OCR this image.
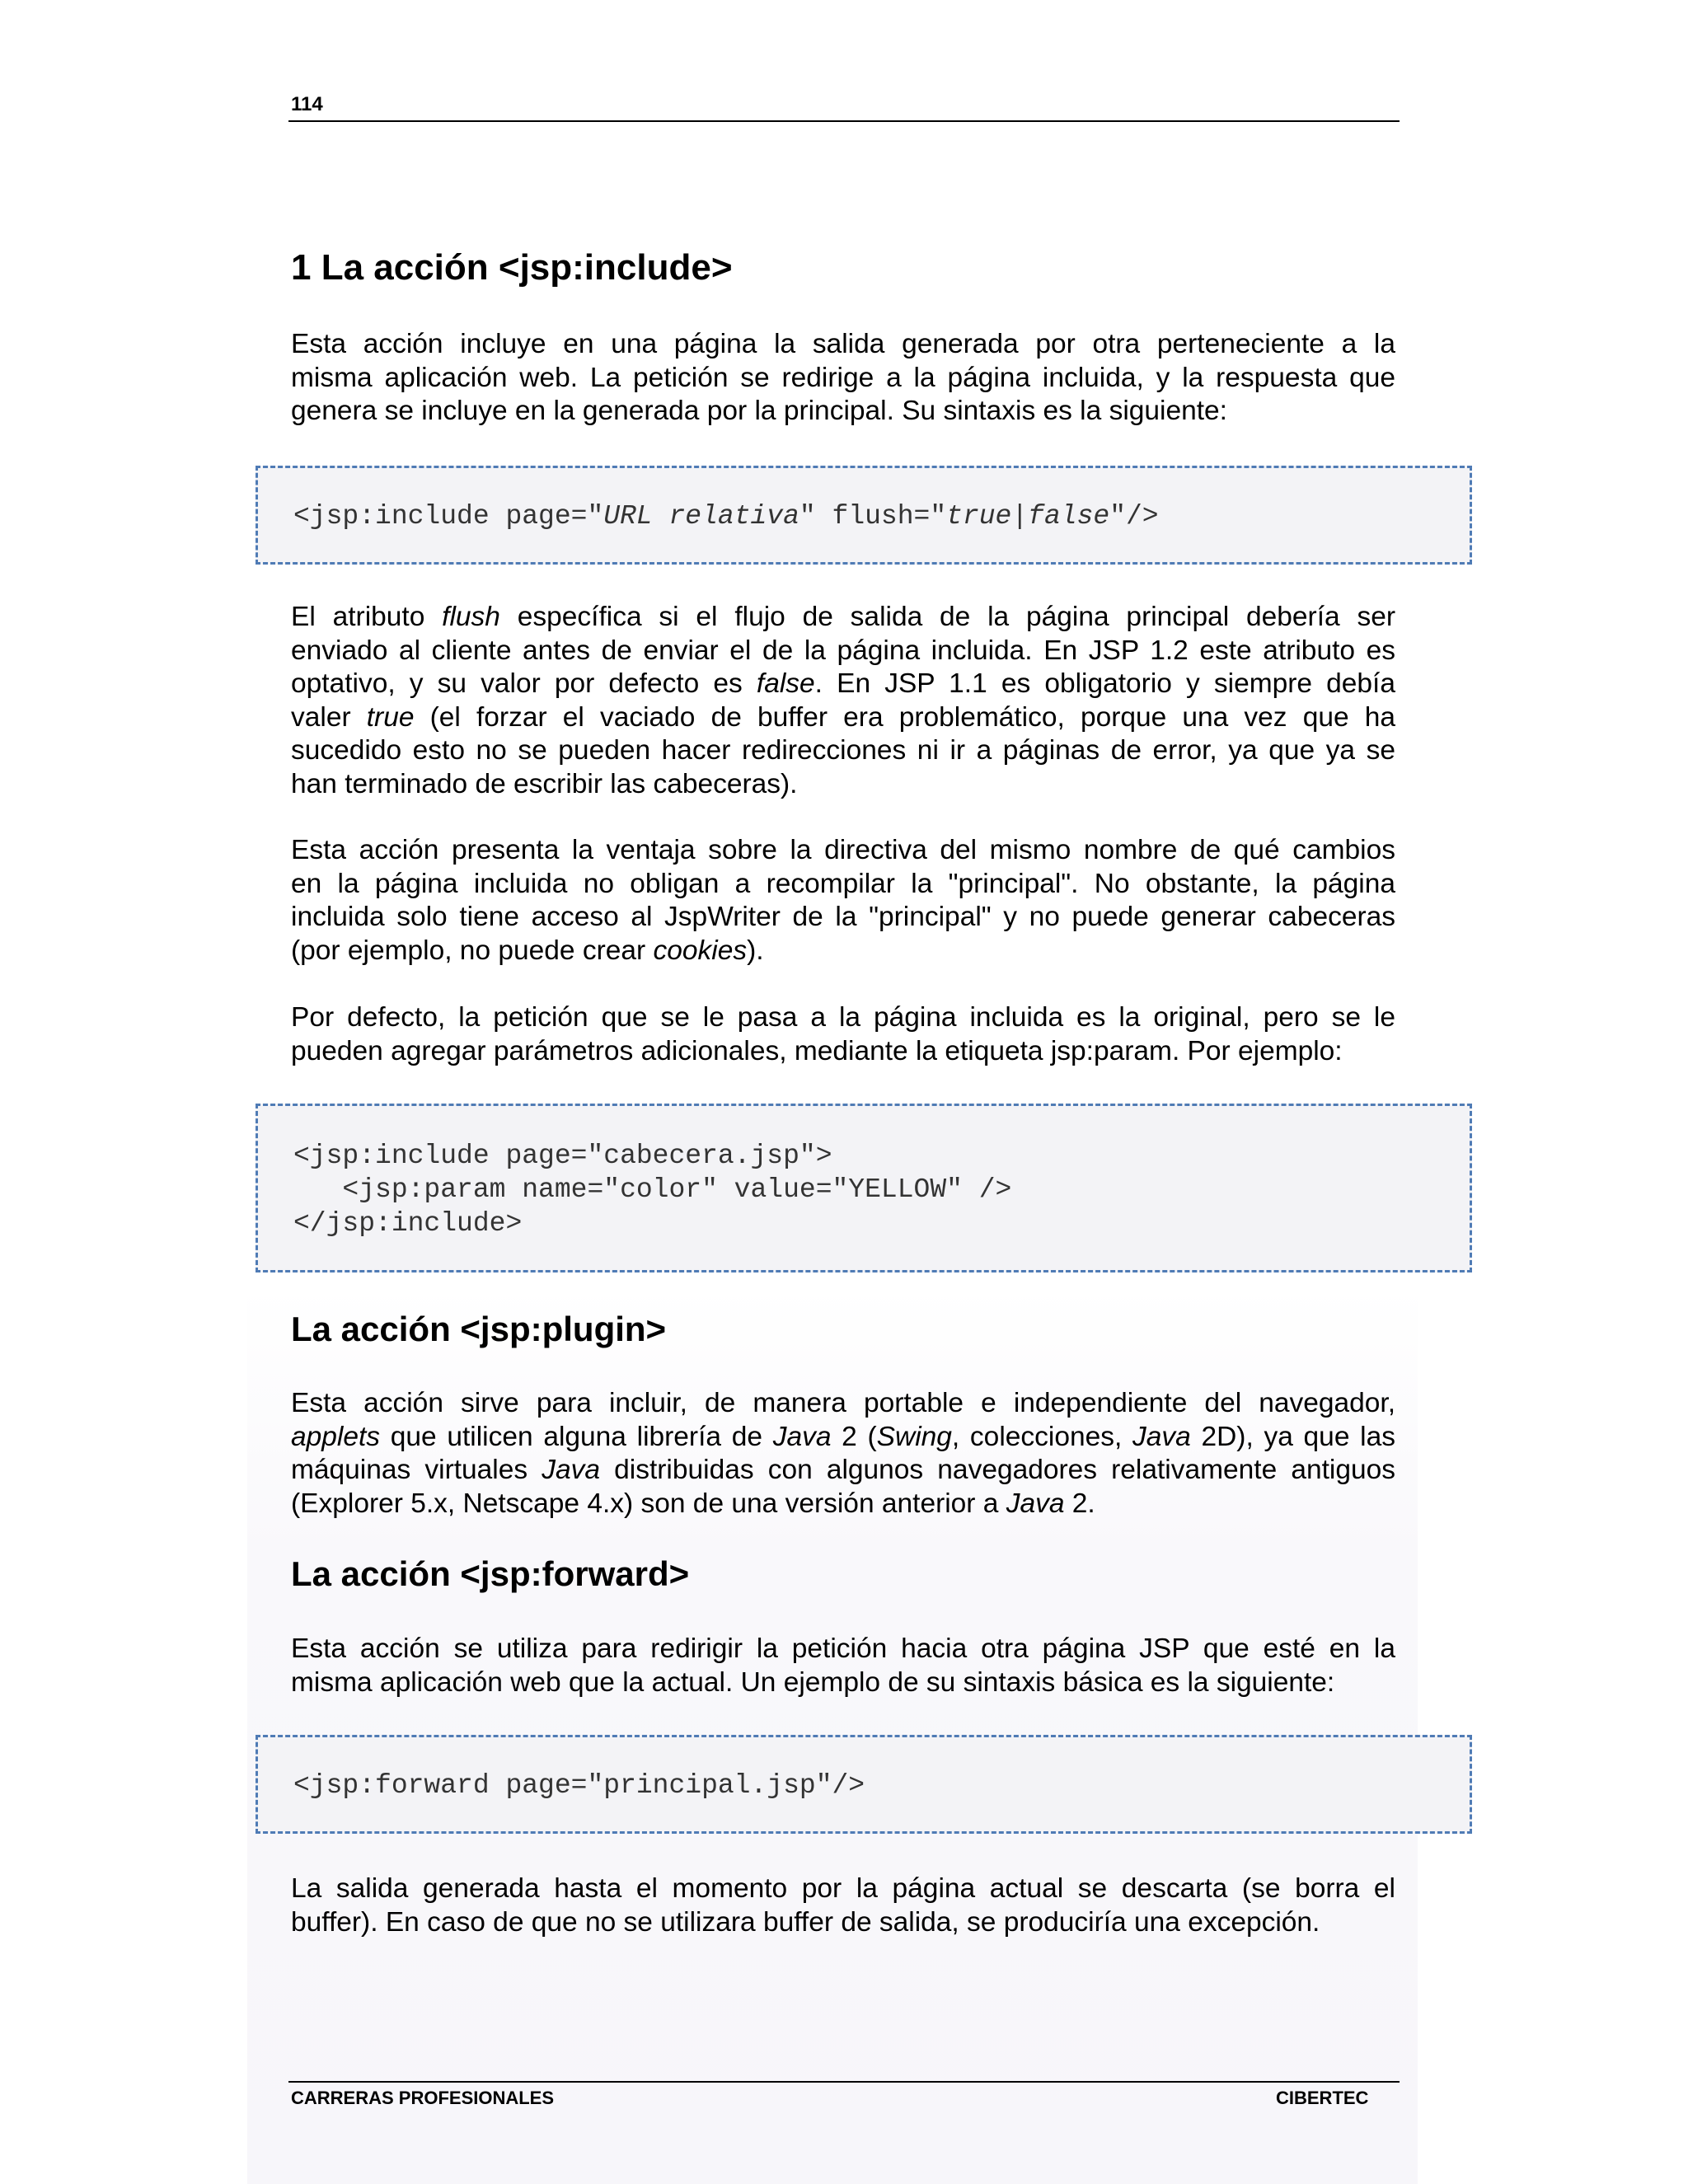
114
1 La acción <jsp:include>

Esta acción incluye en una página la salida generada por otra perteneciente a la
misma aplicación web. La petición se redirige a la página incluida, y la respuesta que
genera se incluye en la generada por la principal. Su sintaxis es la siguiente:

<jsp:include page="URL relativa" flush="true|false"/>

El atributo flush específica si el flujo de salida de la página principal debería ser
enviado al cliente antes de enviar el de la página incluida. En JSP 1.2 este atributo es
optativo, y su valor por defecto es false. En JSP 1.1 es obligatorio y siempre debía
valer true (el forzar el vaciado de buffer era problemático, porque una vez que ha
sucedido esto no se pueden hacer redirecciones ni ir a páginas de error, ya que ya se
han terminado de escribir las cabeceras).

Esta acción presenta la ventaja sobre la directiva del mismo nombre de qué cambios
en la página incluida no obligan a recompilar la "principal". No obstante, la página
incluida solo tiene acceso al JspWriter de la "principal" y no puede generar cabeceras
(por ejemplo, no puede crear cookies).

Por defecto, la petición que se le pasa a la página incluida es la original, pero se le
pueden agregar parámetros adicionales, mediante la etiqueta jsp:param. Por ejemplo:

<jsp:include page="cabecera.jsp">
<jsp:param name="color" value="YELLOW" />
</jsp:include>
La acción <jsp:plugin>

Esta acción sirve para incluir, de manera portable e independiente del navegador,
applets que utilicen alguna librería de Java 2 (Swing, colecciones, Java 2D), ya que las
máquinas virtuales Java distribuidas con algunos navegadores relativamente antiguos
(Explorer 5.x, Netscape 4.x) son de una versión anterior a Java 2.

La acción <jsp:forward>

Esta acción se utiliza para redirigir la petición hacia otra página JSP que esté en la
misma aplicación web que la actual. Un ejemplo de su sintaxis básica es la siguiente:

<jsp:forward page="principal.jsp"/>

La salida generada hasta el momento por la página actual se descarta (se borra el
buffer). En caso de que no se utilizara buffer de salida, se produciría una excepción.

CARRERAS PROFESIONALES	CIBERTEC
